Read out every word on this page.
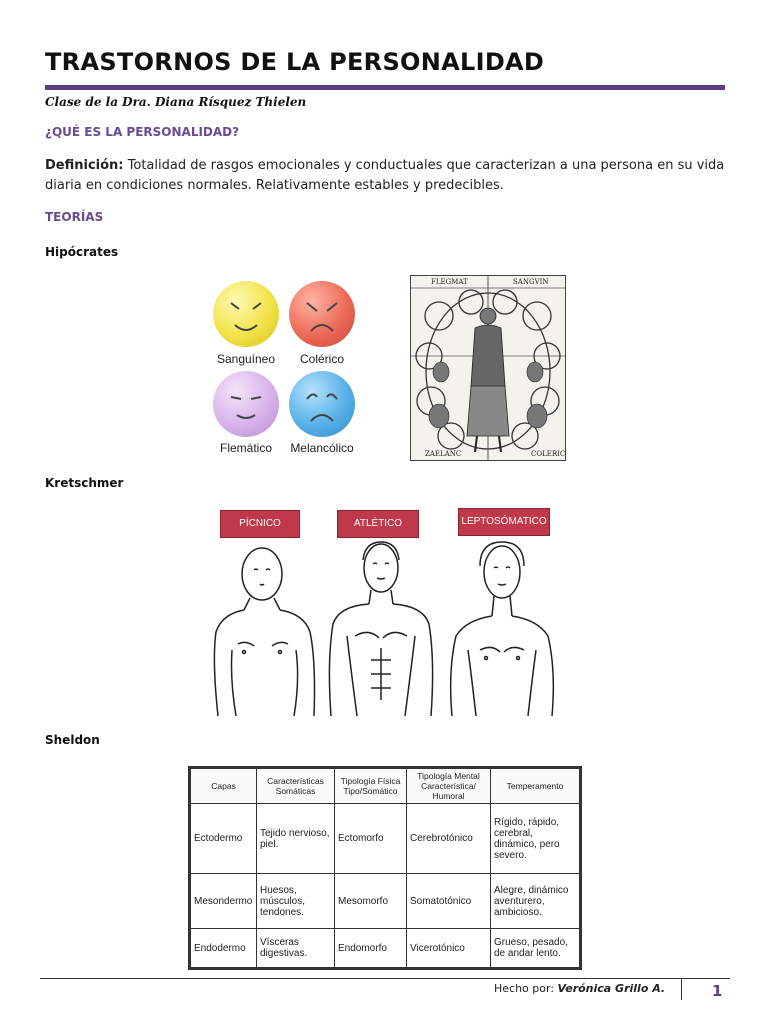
TRASTORNOS DE LA PERSONALIDAD
Clase de la Dra. Diana Rísquez Thielen
¿QUÉ ES LA PERSONALIDAD?
Definición: Totalidad de rasgos emocionales y conductuales que caracterizan a una persona en su vida diaria en condiciones normales. Relativamente estables y predecibles.
TEORÍAS
Hipócrates
Sanguíneo	Colérico
Flemático	Melancólico
FLEGMAT	SANGVIN
ZAELANC	COLERIC
Kretschmer
PÍCNICO	ATLÉTICO	LEPTOSÓMATICO
Sheldon
Capas	Características Somáticas	Tipología Física Tipo/Somático	Tipología Mental Característica/ Humoral	Temperamento
Ectodermo	Tejido nervioso, piel.	Ectomorfo	Cerebrotónico	Rígido, rápido, cerebral, dinámico, pero severo.
Mesondermo	Huesos, músculos, tendones.	Mesomorfo	Somatotónico	Alegre, dinámico aventurero, ambicioso.
Endodermo	Vísceras digestivas.	Endomorfo	Vicerotónico	Grueso, pesado, de andar lento.
Hecho por: Verónica Grillo A.	1
